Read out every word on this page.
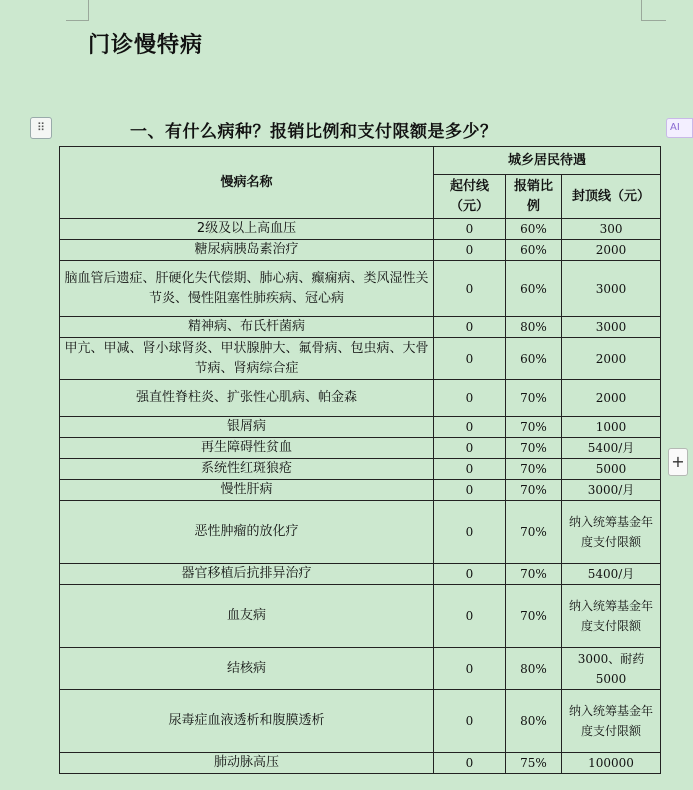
门诊慢特病
⠿	AI
一、有什么病种？报销比例和支付限额是多少？
慢病名称	城乡居民待遇		
	起付线（元）	报销比例	封顶线（元）
2级及以上高血压	0	60%	300
糖尿病胰岛素治疗	0	60%	2000
脑血管后遗症、肝硬化失代偿期、肺心病、癫痫病、类风湿性关节炎、慢性阻塞性肺疾病、冠心病	0	60%	3000
精神病、布氏杆菌病	0	80%	3000
甲亢、甲减、肾小球肾炎、甲状腺肿大、氟骨病、包虫病、大骨节病、肾病综合症	0	60%	2000
强直性脊柱炎、扩张性心肌病、帕金森	0	70%	2000
银屑病	0	70%	1000
再生障碍性贫血	0	70%	5400/月
系统性红斑狼疮	0	70%	5000
慢性肝病	0	70%	3000/月
恶性肿瘤的放化疗	0	70%	纳入统筹基金年度支付限额
器官移植后抗排异治疗	0	70%	5400/月
血友病	0	70%	纳入统筹基金年度支付限额
结核病	0	80%	3000、耐药5000
尿毒症血液透析和腹膜透析	0	80%	纳入统筹基金年度支付限额
肺动脉高压	0	75%	100000
+
